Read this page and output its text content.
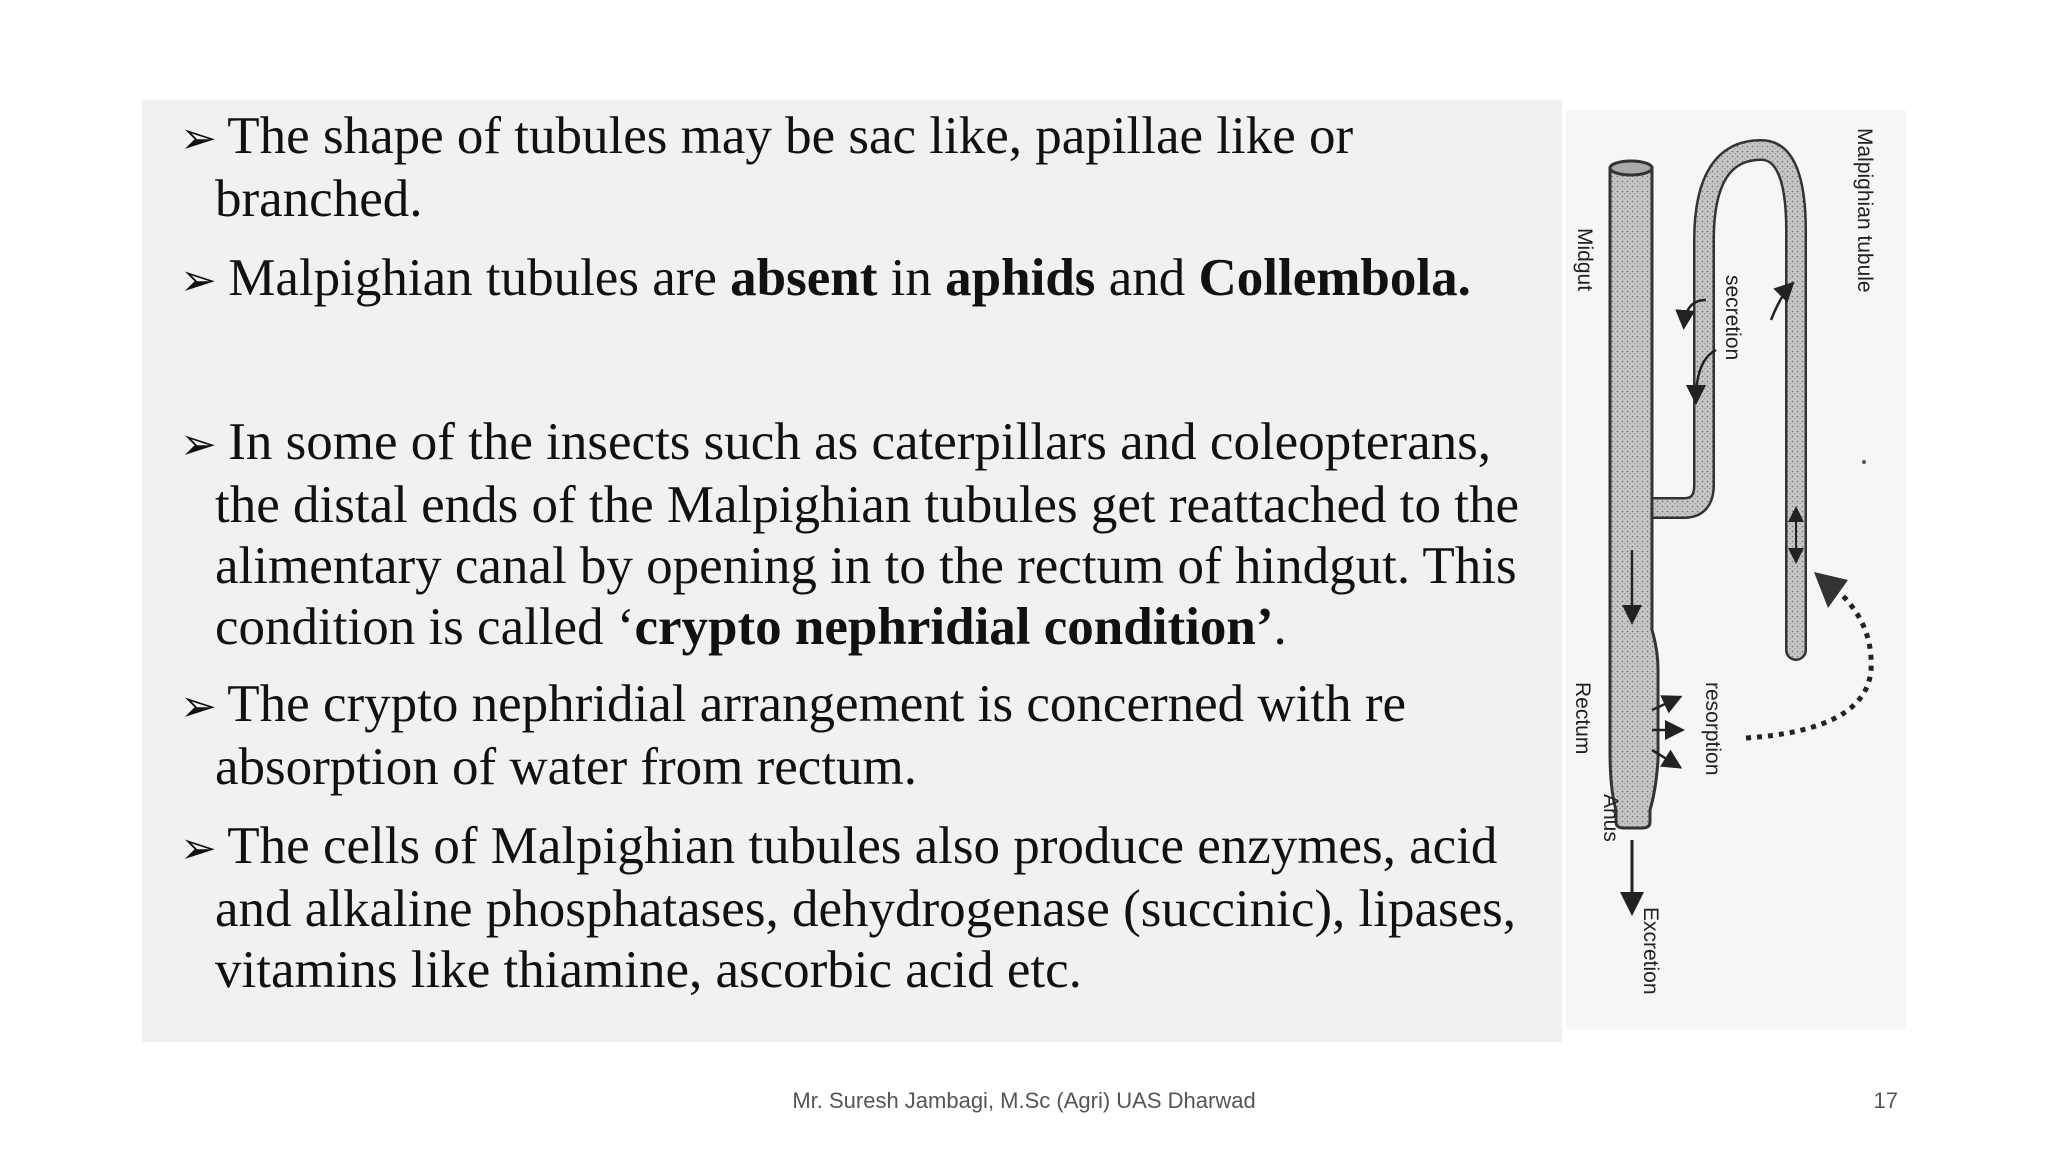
➢ The shape of tubules may be sac like, papillae like or branched.
➢ Malpighian tubules are absent in aphids and Collembola.
➢ In some of the insects such as caterpillars and coleopterans, the distal ends of the Malpighian tubules get reattached to the alimentary canal by opening in to the rectum of hindgut. This condition is called ‘crypto nephridial condition’.
➢ The crypto nephridial arrangement is concerned with re absorption of water from rectum.
➢ The cells of Malpighian tubules also produce enzymes, acid and alkaline phosphatases, dehydrogenase (succinic), lipases, vitamins like thiamine, ascorbic acid etc.
Malpighian tubule
Midgut
secretion
Rectum	resorption
Anus
Excretion
Mr. Suresh Jambagi, M.Sc (Agri) UAS Dharwad	17
